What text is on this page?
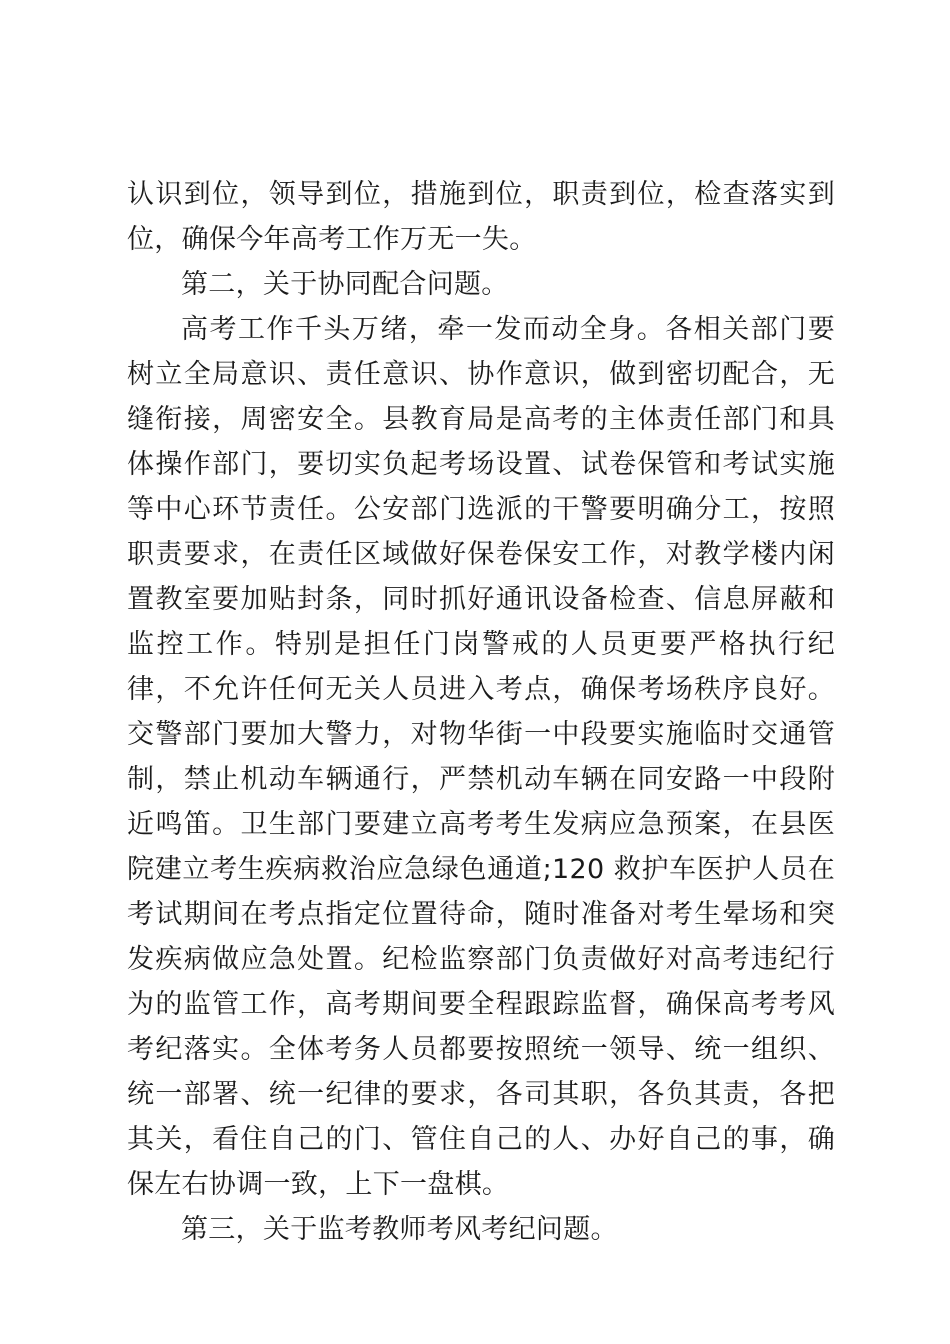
认识到位，领导到位，措施到位，职责到位，检查落实到位，确保今年高考工作万无一失。

第二，关于协同配合问题。

高考工作千头万绪，牵一发而动全身。各相关部门要树立全局意识、责任意识、协作意识，做到密切配合，无缝衔接，周密安全。县教育局是高考的主体责任部门和具体操作部门，要切实负起考场设置、试卷保管和考试实施等中心环节责任。公安部门选派的干警要明确分工，按照职责要求，在责任区域做好保卷保安工作，对教学楼内闲置教室要加贴封条，同时抓好通讯设备检查、信息屏蔽和监控工作。特别是担任门岗警戒的人员更要严格执行纪律，不允许任何无关人员进入考点，确保考场秩序良好。交警部门要加大警力，对物华街一中段要实施临时交通管制，禁止机动车辆通行，严禁机动车辆在同安路一中段附近鸣笛。卫生部门要建立高考考生发病应急预案，在县医院建立考生疾病救治应急绿色通道;120 救护车医护人员在考试期间在考点指定位置待命，随时准备对考生晕场和突发疾病做应急处置。纪检监察部门负责做好对高考违纪行为的监管工作，高考期间要全程跟踪监督，确保高考考风考纪落实。全体考务人员都要按照统一领导、统一组织、统一部署、统一纪律的要求，各司其职，各负其责，各把其关，看住自己的门、管住自己的人、办好自己的事，确保左右协调一致，上下一盘棋。

第三，关于监考教师考风考纪问题。
